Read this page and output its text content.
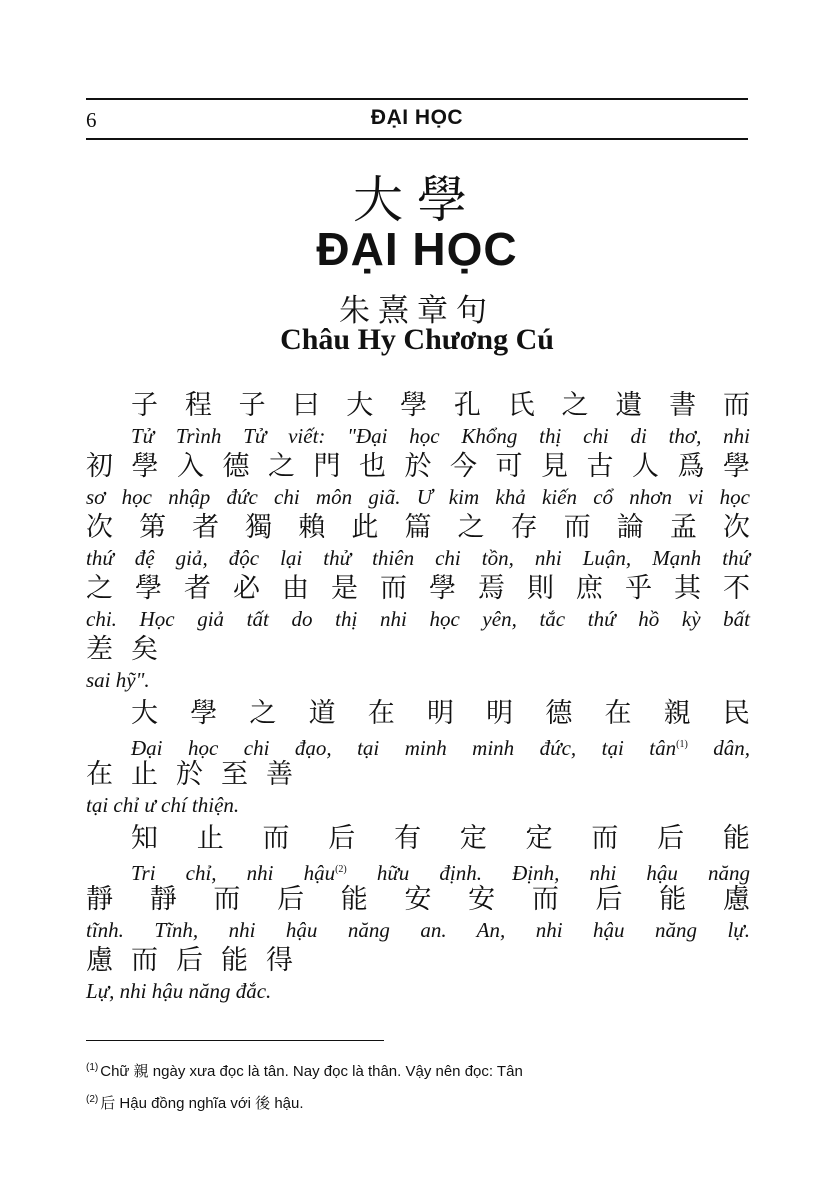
6	ĐẠI HỌC
大學
ĐẠI HỌC
朱熹章句
Châu Hy Chương Cú
子 程 子 曰 大 學 孔 氏 之 遺 書 而
Tử Trình Tử viết: "Đại học Khổng thị chi di thơ, nhi
初 學 入 德 之 門 也 於 今 可 見 古 人 爲 學
sơ học nhập đức chi môn giã. Ư kim khả kiến cổ nhơn vi học
次 第 者 獨 賴 此 篇 之 存 而 論 孟 次
thứ đệ giả, độc lại thử thiên chi tồn, nhi Luận, Mạnh thứ
之 學 者 必 由 是 而 學 焉 則 庶 乎 其 不
chi. Học giả tất do thị nhi học yên, tắc thứ hồ kỳ bất
差 矣
sai hỹ".
大 學 之 道 在 明 明 德 在 親 民
Đại học chi đạo, tại minh minh đức, tại tân$^{(1)}$ dân,
在 止 於 至 善
tại chỉ ư chí thiện.
知 止 而 后 有 定 定 而 后 能
Tri chỉ, nhi hậu$^{(2)}$ hữu định. Định, nhi hậu năng
靜 靜 而 后 能 安 安 而 后 能 慮
tĩnh. Tĩnh, nhi hậu năng an. An, nhi hậu năng lự.
慮 而 后 能 得
Lự, nhi hậu năng đắc.
$^{(1)}$ Chữ 親 ngày xưa đọc là tân. Nay đọc là thân. Vậy nên đọc: Tân
$^{(2)}$ 后 Hậu đồng nghĩa với 後 hậu.
